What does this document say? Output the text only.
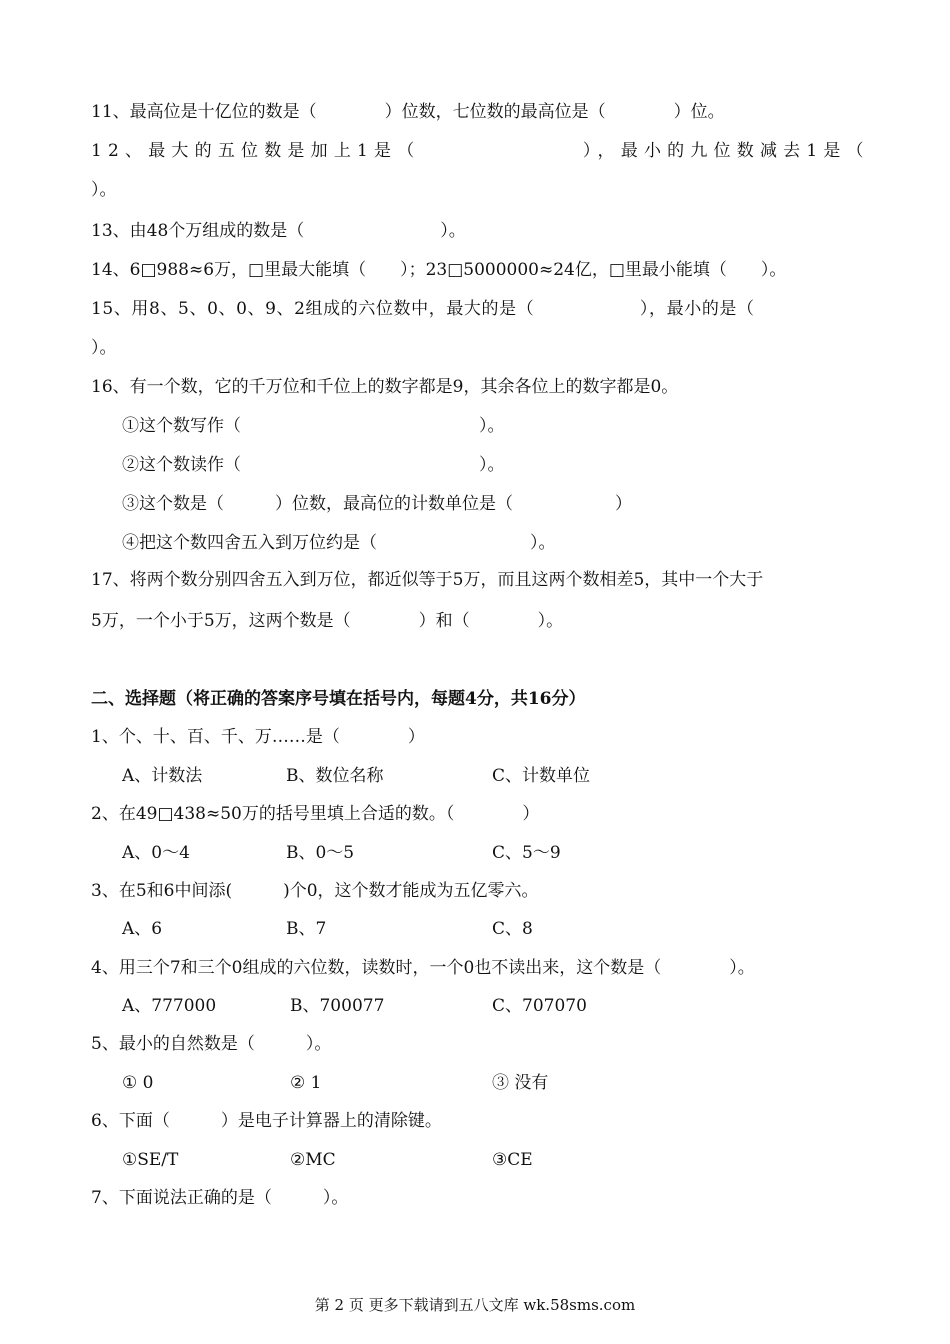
11、最高位是十亿位的数是（　　　　）位数，七位数的最高位是（　　　　）位。
12、最大的五位数是加上1是（　　　　　　　），最小的九位数减去1是（
）。
13、由48个万组成的数是（　　　　　　　　）。
14、6□988≈6万，□里最大能填（　　）；23□5000000≈24亿，□里最小能填（　　）。
15、用8、5、0、0、9、2组成的六位数中，最大的是（　　　　　　），最小的是（
）。
16、有一个数，它的千万位和千位上的数字都是9，其余各位上的数字都是0。
①这个数写作（　　　　　　　　　　　　　　）。
②这个数读作（　　　　　　　　　　　　　　）。
③这个数是（　　　）位数，最高位的计数单位是（　　　　　　）
④把这个数四舍五入到万位约是（　　　　　　　　　）。
17、将两个数分别四舍五入到万位，都近似等于5万，而且这两个数相差5，其中一个大于
5万，一个小于5万，这两个数是（　　　　）和（　　　　）。
二、选择题（将正确的答案序号填在括号内，每题4分，共16分）
1、个、十、百、千、万……是（　　　　）

A、计数法

	B、数位名称

	C、计数单位

2、在49□438≈50万的括号里填上合适的数。（　　　　）

A、0～4

	B、0～5

	C、5～9

3、在5和6中间添(　　　)个0，这个数才能成为五亿零六。

A、6

	B、7

	C、8

4、用三个7和三个0组成的六位数，读数时，一个0也不读出来，这个数是（　　　　）。

A、777000

	B、700077

	C、707070

5、最小的自然数是（　　　）。

① 0

	② 1

	③ 没有

6、下面（　　　）是电子计算器上的清除键。

①SE/T

	②MC

	③CE

7、下面说法正确的是（　　　）。
第 2 页 更多下载请到五八文库 wk.58sms.com
